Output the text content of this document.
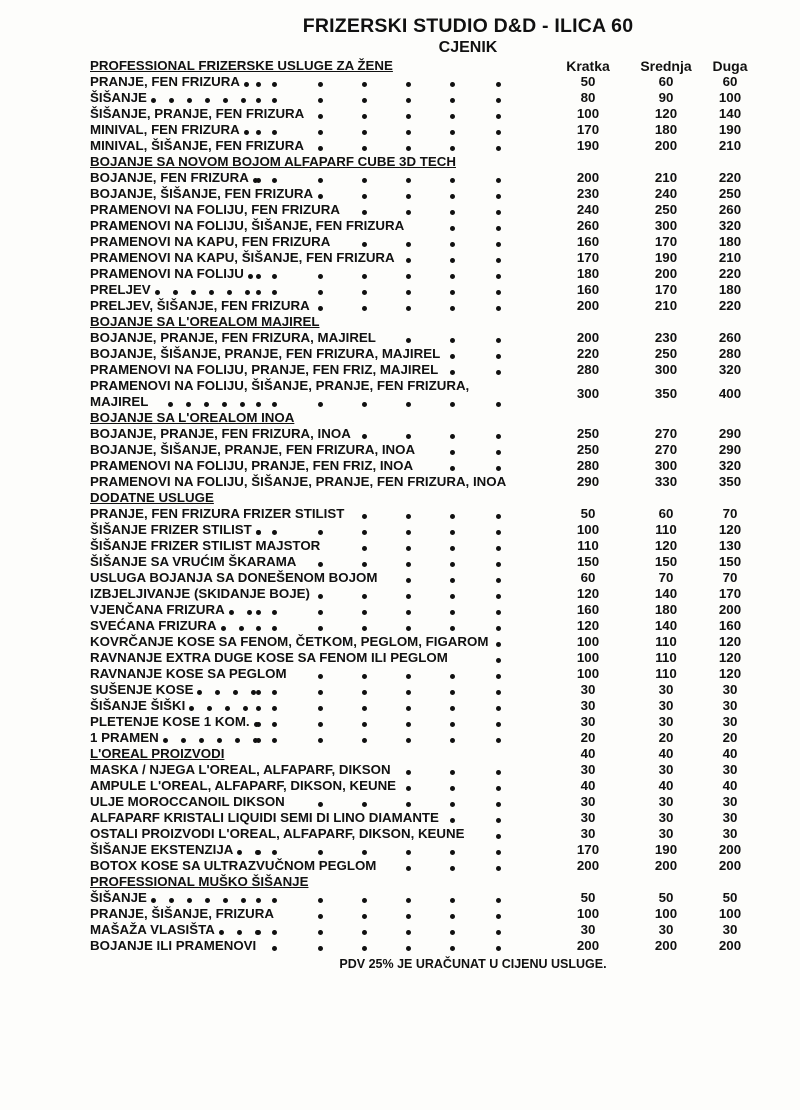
FRIZERSKI STUDIO D&D - ILICA 60
CJENIK
PROFESSIONAL FRIZERSKE USLUGE ZA ŽENE	Kratka	Srednja	Duga
PRANJE, FEN FRIZURA	50	60	60
ŠIŠANJE	80	90	100
ŠIŠANJE, PRANJE, FEN FRIZURA	100	120	140
MINIVAL, FEN FRIZURA	170	180	190
MINIVAL, ŠIŠANJE, FEN FRIZURA	190	200	210
BOJANJE SA NOVOM BOJOM ALFAPARF CUBE 3D TECH
BOJANJE, FEN FRIZURA	200	210	220
BOJANJE, ŠIŠANJE, FEN FRIZURA	230	240	250
PRAMENOVI NA FOLIJU, FEN FRIZURA	240	250	260
PRAMENOVI NA FOLIJU, ŠIŠANJE, FEN FRIZURA	260	300	320
PRAMENOVI NA KAPU, FEN FRIZURA	160	170	180
PRAMENOVI NA KAPU, ŠIŠANJE, FEN FRIZURA	170	190	210
PRAMENOVI NA FOLIJU	180	200	220
PRELJEV	160	170	180
PRELJEV, ŠIŠANJE, FEN FRIZURA	200	210	220
BOJANJE SA L'OREALOM MAJIREL
BOJANJE, PRANJE, FEN FRIZURA, MAJIREL	200	230	260
BOJANJE, ŠIŠANJE, PRANJE, FEN FRIZURA, MAJIREL	220	250	280
PRAMENOVI NA FOLIJU, PRANJE, FEN FRIZ, MAJIREL	280	300	320
PRAMENOVI NA FOLIJU, ŠIŠANJE, PRANJE, FEN FRIZURA, MAJIREL
300	350	400
BOJANJE SA L'OREALOM INOA
BOJANJE, PRANJE, FEN FRIZURA, INOA	250	270	290
BOJANJE, ŠIŠANJE, PRANJE, FEN FRIZURA, INOA	250	270	290
PRAMENOVI NA FOLIJU, PRANJE, FEN FRIZ, INOA	280	300	320
PRAMENOVI NA FOLIJU, ŠIŠANJE, PRANJE, FEN FRIZURA, INOA	290	330	350
DODATNE USLUGE
PRANJE, FEN FRIZURA FRIZER STILIST	50	60	70
ŠIŠANJE FRIZER STILIST	100	110	120
ŠIŠANJE FRIZER STILIST MAJSTOR	110	120	130
ŠIŠANJE SA VRUĆIM ŠKARAMA	150	150	150
USLUGA BOJANJA SA DONEŠENOM BOJOM	60	70	70
IZBJELJIVANJE (SKIDANJE BOJE)	120	140	170
VJENČANA FRIZURA	160	180	200
SVEĆANA FRIZURA	120	140	160
KOVRČANJE KOSE SA FENOM, ČETKOM, PEGLOM, FIGAROM	100	110	120
RAVNANJE EXTRA DUGE KOSE SA FENOM ILI PEGLOM	100	110	120
RAVNANJE KOSE SA PEGLOM	100	110	120
SUŠENJE KOSE	30	30	30
ŠIŠANJE ŠIŠKI	30	30	30
PLETENJE KOSE 1 KOM.	30	30	30
1 PRAMEN	20	20	20
L'OREAL PROIZVODI	40	40	40
MASKA / NJEGA L'OREAL, ALFAPARF, DIKSON	30	30	30
AMPULE L'OREAL, ALFAPARF, DIKSON, KEUNE	40	40	40
ULJE MOROCCANOIL DIKSON	30	30	30
ALFAPARF KRISTALI LIQUIDI SEMI DI LINO DIAMANTE	30	30	30
OSTALI PROIZVODI L'OREAL, ALFAPARF, DIKSON, KEUNE	30	30	30
ŠIŠANJE EKSTENZIJA	170	190	200
BOTOX KOSE SA ULTRAZVUČNOM PEGLOM	200	200	200
PROFESSIONAL MUŠKO ŠIŠANJE
ŠIŠANJE	50	50	50
PRANJE, ŠIŠANJE, FRIZURA	100	100	100
MAŠAŽA VLASIŠTA	30	30	30
BOJANJE ILI PRAMENOVI	200	200	200
PDV 25% JE URAČUNAT U CIJENU USLUGE.
